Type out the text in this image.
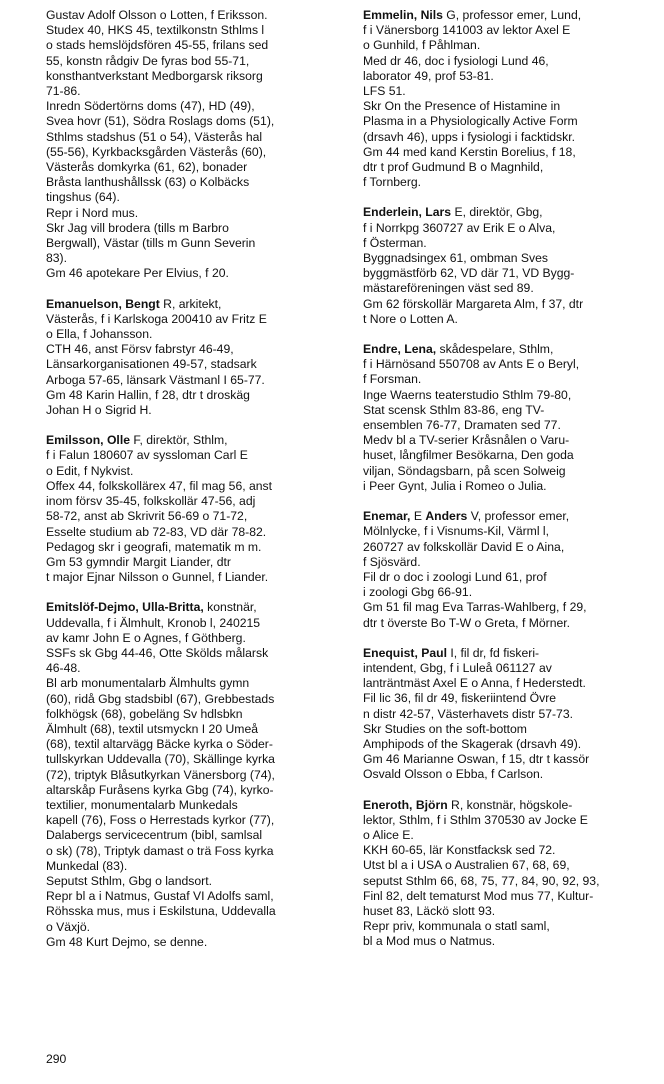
Gustav Adolf Olsson o Lotten, f Eriksson.
Studex 40, HKS 45, textilkonstn Sthlms l
o stads hemslöjdsfören 45-55, frilans sed
55, konstn rådgiv De fyras bod 55-71,
konsthantverkstant Medborgarsk riksorg
71-86.
Inredn Södertörns doms (47), HD (49),
Svea hovr (51), Södra Roslags doms (51),
Sthlms stadshus (51 o 54), Västerås hal
(55-56), Kyrkbacksgården Västerås (60),
Västerås domkyrka (61, 62), bonader
Bråsta lanthushållssk (63) o Kolbäcks
tingshus (64).
Repr i Nord mus.
Skr Jag vill brodera (tills m Barbro
Bergwall), Västar (tills m Gunn Severin
83).
Gm 46 apotekare Per Elvius, f 20.
Emanuelson, Bengt R, arkitekt,
Västerås, f i Karlskoga 200410 av Fritz E
o Ella, f Johansson.
CTH 46, anst Försv fabrstyr 46-49,
Länsarkorganisationen 49-57, stadsark
Arboga 57-65, länsark Västmanl I 65-77.
Gm 48 Karin Hallin, f 28, dtr t droskäg
Johan H o Sigrid H.
Emilsson, Olle F, direktör, Sthlm,
f i Falun 180607 av syssloman Carl E
o Edit, f Nykvist.
Offex 44, folkskollärex 47, fil mag 56, anst
inom försv 35-45, folkskollär 47-56, adj
58-72, anst ab Skrivrit 56-69 o 71-72,
Esselte studium ab 72-83, VD där 78-82.
Pedagog skr i geografi, matematik m m.
Gm 53 gymndir Margit Liander, dtr
t major Ejnar Nilsson o Gunnel, f Liander.
Emitslöf-Dejmo, Ulla-Britta, konstnär,
Uddevalla, f i Älmhult, Kronob l, 240215
av kamr John E o Agnes, f Göthberg.
SSFs sk Gbg 44-46, Otte Skölds målarsk
46-48.
Bl arb monumentalarb Älmhults gymn
(60), ridå Gbg stadsbibl (67), Grebbestads
folkhögsk (68), gobeläng Sv hdlsbkn
Älmhult (68), textil utsmyckn I 20 Umeå
(68), textil altarvägg Bäcke kyrka o Söder-
tullskyrkan Uddevalla (70), Skällinge kyrka
(72), triptyk Blåsutkyrkan Vänersborg (74),
altarskåp Furåsens kyrka Gbg (74), kyrko-
textilier, monumentalarb Munkedals
kapell (76), Foss o Herrestads kyrkor (77),
Dalabergs servicecentrum (bibl, samlsal
o sk) (78), Triptyk damast o trä Foss kyrka
Munkedal (83).
Seputst Sthlm, Gbg o landsort.
Repr bl a i Natmus, Gustaf VI Adolfs saml,
Röhsska mus, mus i Eskilstuna, Uddevalla
o Växjö.
Gm 48 Kurt Dejmo, se denne.
Emmelin, Nils G, professor emer, Lund,
f i Vänersborg 141003 av lektor Axel E
o Gunhild, f Påhlman.
Med dr 46, doc i fysiologi Lund 46,
laborator 49, prof 53-81.
LFS 51.
Skr On the Presence of Histamine in
Plasma in a Physiologically Active Form
(drsavh 46), upps i fysiologi i facktidskr.
Gm 44 med kand Kerstin Borelius, f 18,
dtr t prof Gudmund B o Magnhild,
f Tornberg.
Enderlein, Lars E, direktör, Gbg,
f i Norrkpg 360727 av Erik E o Alva,
f Österman.
Byggnadsingex 61, ombman Sves
byggmästförb 62, VD där 71, VD Bygg-
mästareföreningen väst sed 89.
Gm 62 förskollär Margareta Alm, f 37, dtr
t Nore o Lotten A.
Endre, Lena, skådespelare, Sthlm,
f i Härnösand 550708 av Ants E o Beryl,
f Forsman.
Inge Waerns teaterstudio Sthlm 79-80,
Stat scensk Sthlm 83-86, eng TV-
ensemblen 76-77, Dramaten sed 77.
Medv bl a TV-serier Kråsnålen o Varu-
huset, långfilmer Besökarna, Den goda
viljan, Söndagsbarn, på scen Solweig
i Peer Gynt, Julia i Romeo o Julia.
Enemar, E Anders V, professor emer,
Mölnlycke, f i Visnums-Kil, Värml l,
260727 av folkskollär David E o Aina,
f Sjösvärd.
Fil dr o doc i zoologi Lund 61, prof
i zoologi Gbg 66-91.
Gm 51 fil mag Eva Tarras-Wahlberg, f 29,
dtr t överste Bo T-W o Greta, f Mörner.
Enequist, Paul I, fil dr, fd fiskeri-
intendent, Gbg, f i Luleå 061127 av
lanträntmäst Axel E o Anna, f Hederstedt.
Fil lic 36, fil dr 49, fiskeriintend Övre
n distr 42-57, Västerhavets distr 57-73.
Skr Studies on the soft-bottom
Amphipods of the Skagerak (drsavh 49).
Gm 46 Marianne Oswan, f 15, dtr t kassör
Osvald Olsson o Ebba, f Carlson.
Eneroth, Björn R, konstnär, högskole-
lektor, Sthlm, f i Sthlm 370530 av Jocke E
o Alice E.
KKH 60-65, lär Konstfacksk sed 72.
Utst bl a i USA o Australien 67, 68, 69,
seputst Sthlm 66, 68, 75, 77, 84, 90, 92, 93,
Finl 82, delt tematurst Mod mus 77, Kultur-
huset 83, Läckö slott 93.
Repr priv, kommunala o statl saml,
bl a Mod mus o Natmus.
290
